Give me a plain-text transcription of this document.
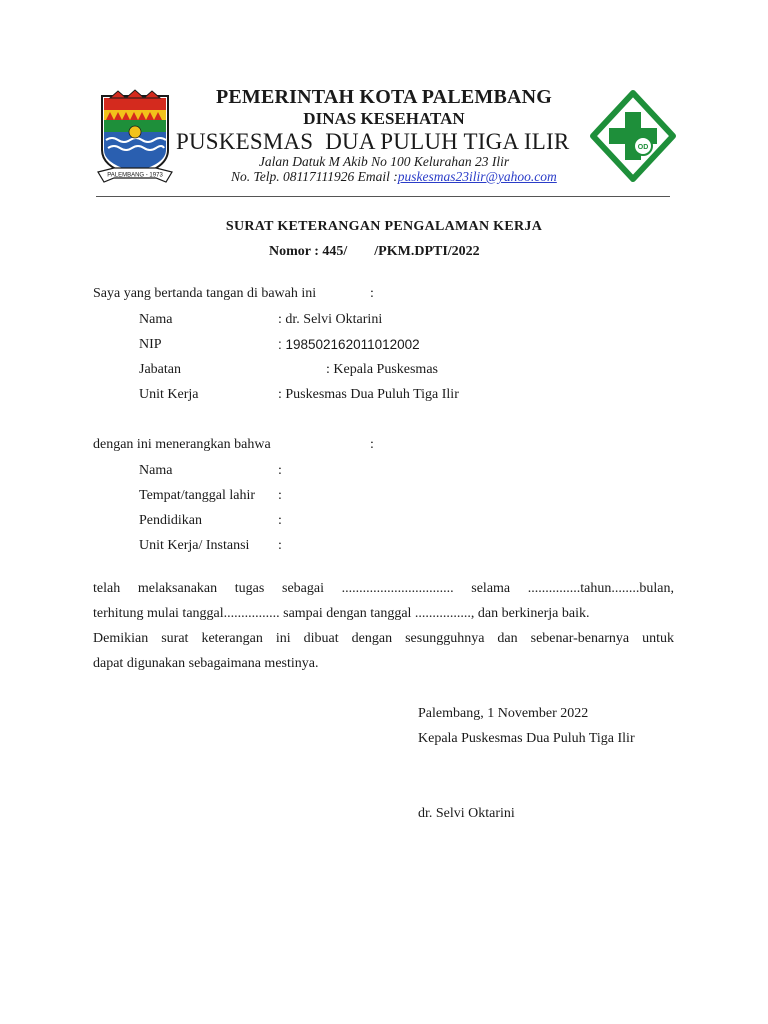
PALEMBANG - 1973
OD
PEMERINTAH KOTA PALEMBANG
DINAS KESEHATAN
PUSKESMAS  DUA PULUH TIGA ILIR
Jalan Datuk M Akib No 100 Kelurahan 23 Ilir
No. Telp. 08117111926 Email :puskesmas23ilir@yahoo.com
SURAT KETERANGAN PENGALAMAN KERJA
Nomor : 445/ /PKM.DPTI/2022
Saya yang bertanda tangan di bawah ini	:
Nama	: dr. Selvi Oktarini
NIP	: 198502162011012002
Jabatan	: Kepala Puskesmas
Unit Kerja	: Puskesmas Dua Puluh Tiga Ilir
dengan ini menerangkan bahwa	:
Nama	:
Tempat/tanggal lahir :
Pendidikan	:
Unit Kerja/ Instansi :
telah melaksanakan tugas sebagai ................................ selama ...............tahun........bulan,
terhitung mulai tanggal................ sampai dengan tanggal ................, dan berkinerja baik.
Demikian surat keterangan ini dibuat dengan sesungguhnya dan sebenar-benarnya untuk
dapat digunakan sebagaimana mestinya.
Palembang, 1 November 2022
Kepala Puskesmas Dua Puluh Tiga Ilir
dr. Selvi Oktarini
